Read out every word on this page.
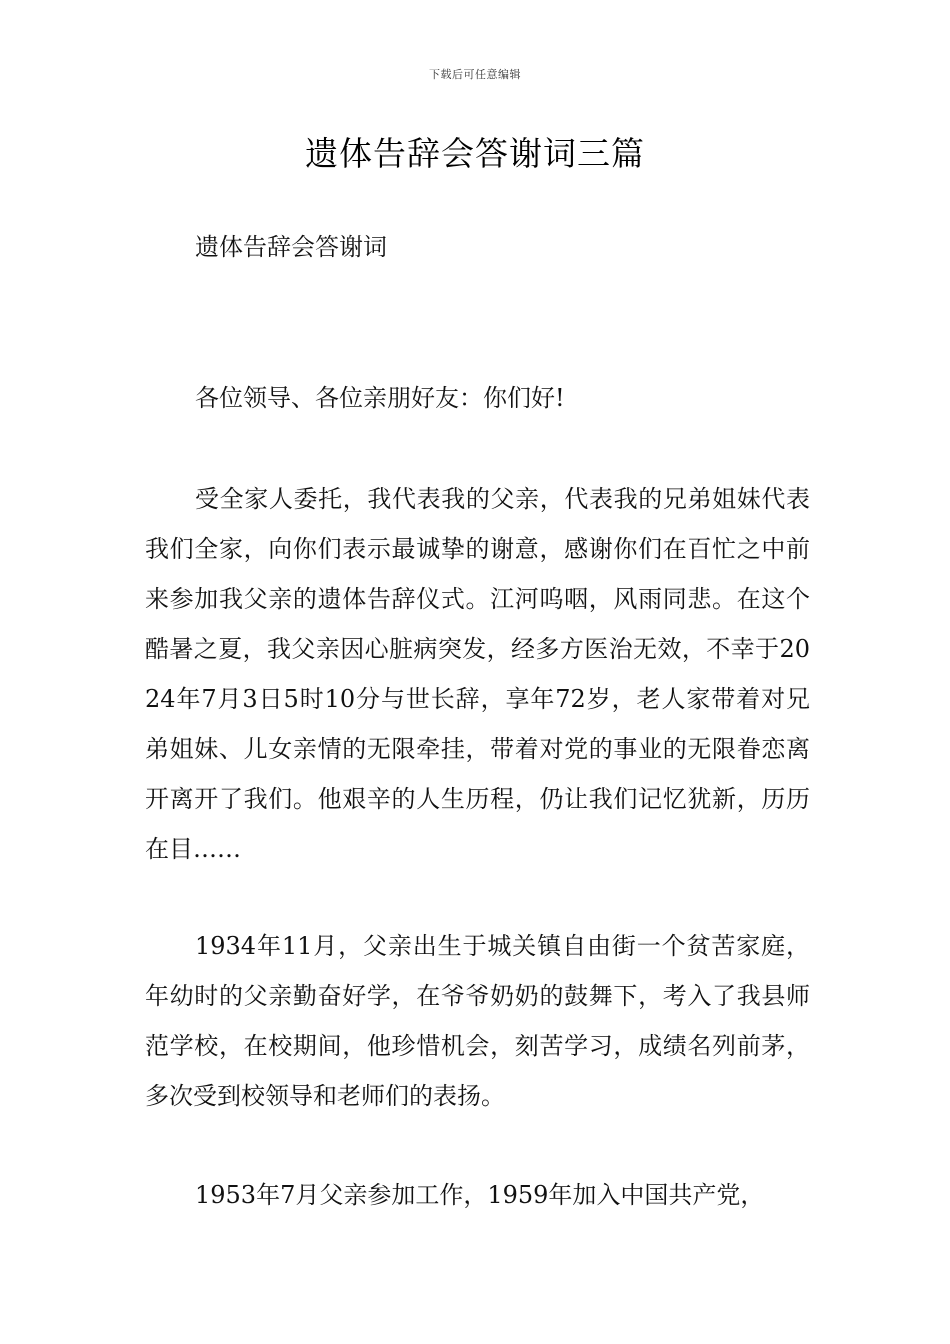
下载后可任意编辑
遗体告辞会答谢词三篇
遗体告辞会答谢词
各位领导、各位亲朋好友：你们好!

受全家人委托，我代表我的父亲，代表我的兄弟姐妹代表我们全家，向你们表示最诚挚的谢意，感谢你们在百忙之中前来参加我父亲的遗体告辞仪式。江河呜咽，风雨同悲。在这个酷暑之夏，我父亲因心脏病突发，经多方医治无效，不幸于2024年7月3日5时10分与世长辞，享年72岁，老人家带着对兄弟姐妹、儿女亲情的无限牵挂，带着对党的事业的无限眷恋离开离开了我们。他艰辛的人生历程，仍让我们记忆犹新，历历在目……

1934年11月，父亲出生于城关镇自由街一个贫苦家庭，年幼时的父亲勤奋好学，在爷爷奶奶的鼓舞下，考入了我县师范学校，在校期间，他珍惜机会，刻苦学习，成绩名列前茅，多次受到校领导和老师们的表扬。

1953年7月父亲参加工作，1959年加入中国共产党，
